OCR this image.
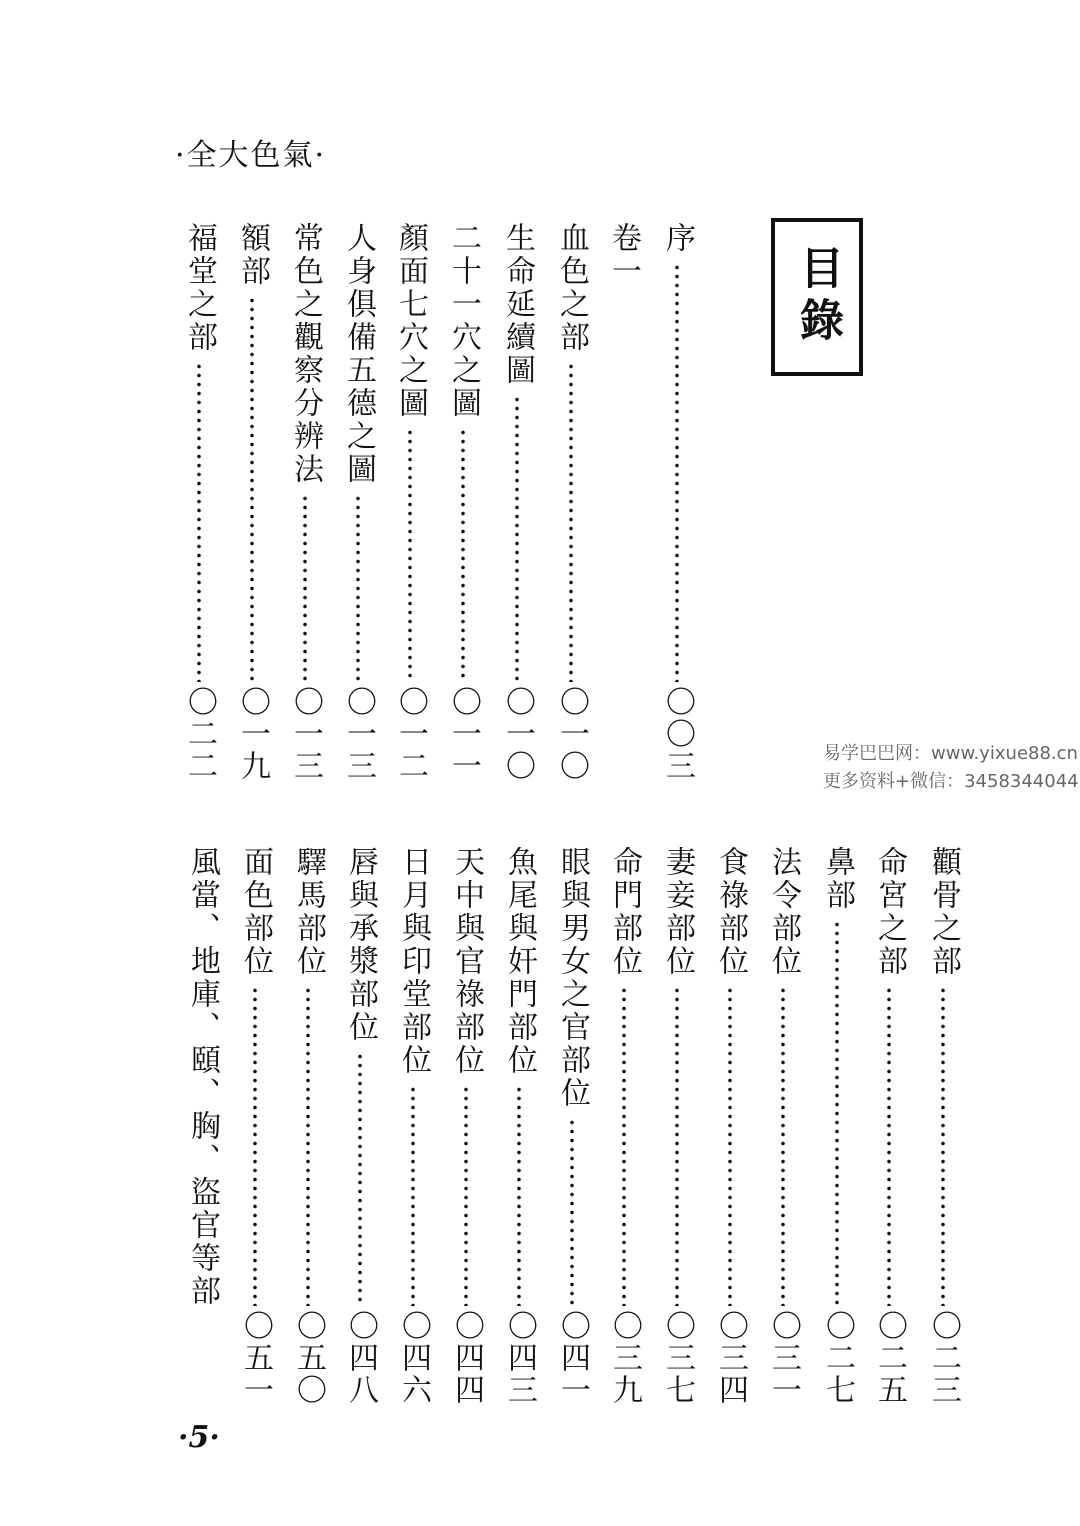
·全大色氣·
目錄
序
〇〇三
卷一
血色之部
〇一〇
生命延續圖
〇一〇
二十一穴之圖
〇一一
顏面七穴之圖
〇一二
人身俱備五德之圖
〇一三
常色之觀察分辨法
〇一三
額部
〇一九
福堂之部
〇二二
顴骨之部
〇二三
命宮之部
〇二五
鼻部
〇二七
法令部位
〇三一
食祿部位
〇三四
妻妾部位
〇三七
命門部位
〇三九
眼與男女之官部位
〇四一
魚尾與奸門部位
〇四三
天中與官祿部位
〇四四
日月與印堂部位
〇四六
唇與承漿部位
〇四八
驛馬部位
〇五〇
面色部位
〇五一
風當、地庫、頤、胸、盜官等部
·5·
易学巴巴网：www.yixue88.cn
更多资料+微信：3458344044
